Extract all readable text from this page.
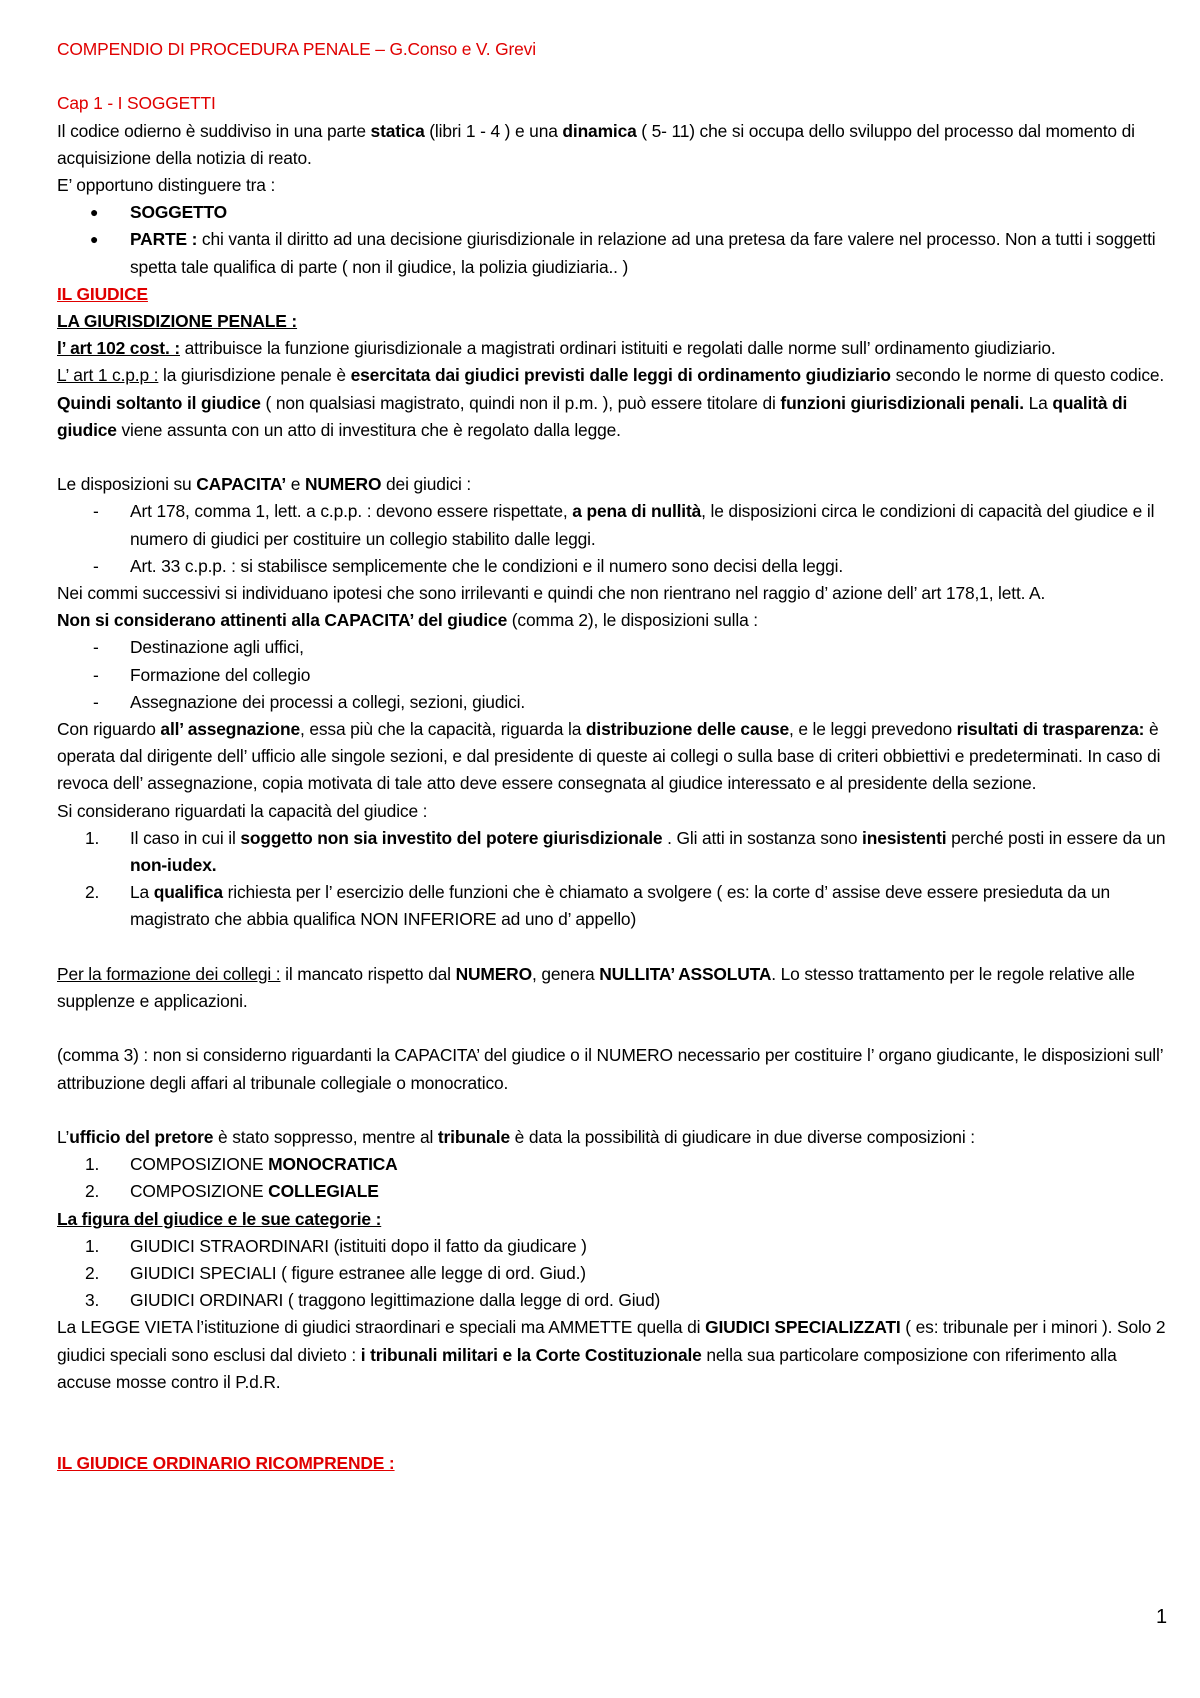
COMPENDIO DI PROCEDURA PENALE – G.Conso e V. Grevi

Cap 1 - I SOGGETTI

Il codice odierno è suddiviso in una parte statica (libri 1 - 4 ) e una dinamica ( 5- 11) che si occupa dello sviluppo del processo dal momento di acquisizione della notizia di reato.

E’ opportuno distinguere tra :

● SOGGETTO
● PARTE : chi vanta il diritto ad una decisione giurisdizionale in relazione ad una pretesa da fare valere nel processo. Non a tutti i soggetti spetta tale qualifica di parte ( non il giudice, la polizia giudiziaria.. )

IL GIUDICE

LA GIURISDIZIONE PENALE :

l’ art 102 cost. : attribuisce la funzione giurisdizionale a magistrati ordinari istituiti e regolati dalle norme sull’ ordinamento giudiziario.

L’ art 1 c.p.p : la giurisdizione penale è esercitata dai giudici previsti dalle leggi di ordinamento giudiziario secondo le norme di questo codice.

Quindi soltanto il giudice ( non qualsiasi magistrato, quindi non il p.m. ), può essere titolare di funzioni giurisdizionali penali. La qualità di giudice viene assunta con un atto di investitura che è regolato dalla legge.

Le disposizioni su CAPACITA’ e NUMERO dei giudici :

- Art 178, comma 1, lett. a c.p.p. : devono essere rispettate, a pena di nullità, le disposizioni circa le condizioni di capacità del giudice e il numero di giudici per costituire un collegio stabilito dalle leggi.
- Art. 33 c.p.p. : si stabilisce semplicemente che le condizioni e il numero sono decisi della leggi.

Nei commi successivi si individuano ipotesi che sono irrilevanti e quindi che non rientrano nel raggio d’ azione dell’ art 178,1, lett. A.

Non si considerano attinenti alla CAPACITA’ del giudice (comma 2), le disposizioni sulla :

- Destinazione agli uffici,
- Formazione del collegio
- Assegnazione dei processi a collegi, sezioni, giudici.

Con riguardo all’ assegnazione, essa più che la capacità, riguarda la distribuzione delle cause, e le leggi prevedono risultati di trasparenza: è operata dal dirigente dell’ ufficio alle singole sezioni, e dal presidente di queste ai collegi o sulla base di criteri obbiettivi e predeterminati. In caso di revoca dell’ assegnazione, copia motivata di tale atto deve essere consegnata al giudice interessato e al presidente della sezione.

Si considerano riguardati la capacità del giudice :

1. Il caso in cui il soggetto non sia investito del potere giurisdizionale . Gli atti in sostanza sono inesistenti perché posti in essere da un non-iudex.
2. La qualifica richiesta per l’ esercizio delle funzioni che è chiamato a svolgere ( es: la corte d’ assise deve essere presieduta da un magistrato che abbia qualifica NON INFERIORE ad uno d’ appello)

Per la formazione dei collegi : il mancato rispetto dal NUMERO, genera NULLITA’ ASSOLUTA. Lo stesso trattamento per le regole relative alle supplenze e applicazioni.

(comma 3) : non si considerno riguardanti la CAPACITA’ del giudice o il NUMERO necessario per costituire l’ organo giudicante, le disposizioni sull’ attribuzione degli affari al tribunale collegiale o monocratico.

L’ufficio del pretore è stato soppresso, mentre al tribunale è data la possibilità di giudicare in due diverse composizioni :

1. COMPOSIZIONE MONOCRATICA
2. COMPOSIZIONE COLLEGIALE

La figura del giudice e le sue categorie :

1. GIUDICI STRAORDINARI (istituiti dopo il fatto da giudicare )
2. GIUDICI SPECIALI ( figure estranee alle legge di ord. Giud.)
3. GIUDICI ORDINARI ( traggono legittimazione dalla legge di ord. Giud)

La LEGGE VIETA l’istituzione di giudici straordinari e speciali ma AMMETTE quella di GIUDICI SPECIALIZZATI ( es: tribunale per i minori ). Solo 2 giudici speciali sono esclusi dal divieto : i tribunali militari e la Corte Costituzionale nella sua particolare composizione con riferimento alla accuse mosse contro il P.d.R.

IL GIUDICE ORDINARIO RICOMPRENDE :

1
